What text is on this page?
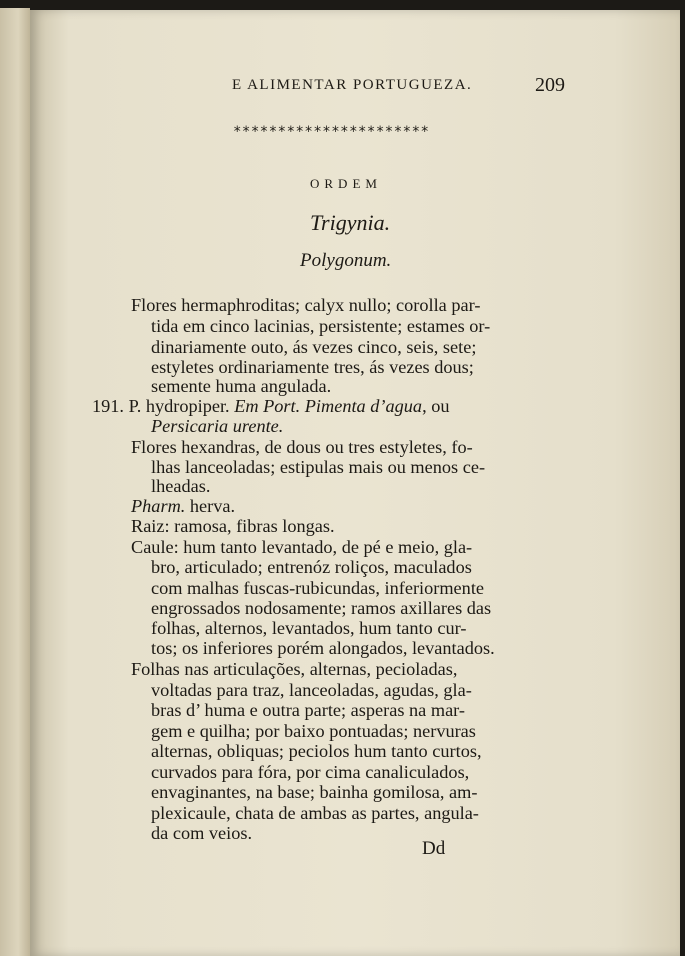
E ALIMENTAR PORTUGUEZA.	209
**********************
ORDEM
Trigynia.
Polygonum.
Flores hermaphroditas; calyx nullo; corolla par-
tida em cinco lacinias, persistente; estames or-
dinariamente outo, ás vezes cinco, seis, sete;
estyletes ordinariamente tres, ás vezes dous;
semente huma angulada.
191. P. hydropiper. Em Port. Pimenta d’agua, ou
Persicaria urente.
Flores hexandras, de dous ou tres estyletes, fo-
lhas lanceoladas; estipulas mais ou menos ce-
lheadas.
Pharm. herva.
Raiz: ramosa, fibras longas.
Caule: hum tanto levantado, de pé e meio, gla-
bro, articulado; entrenóz roliços, maculados
com malhas fuscas-rubicundas, inferiormente
engrossados nodosamente; ramos axillares das
folhas, alternos, levantados, hum tanto cur-
tos; os inferiores porém alongados, levantados.
Folhas nas articulações, alternas, pecioladas,
voltadas para traz, lanceoladas, agudas, gla-
bras d’ huma e outra parte; asperas na mar-
gem e quilha; por baixo pontuadas; nervuras
alternas, obliquas; peciolos hum tanto curtos,
curvados para fóra, por cima canaliculados,
envaginantes, na base; bainha gomilosa, am-
plexicaule, chata de ambas as partes, angula-
da com veios.
Dd
